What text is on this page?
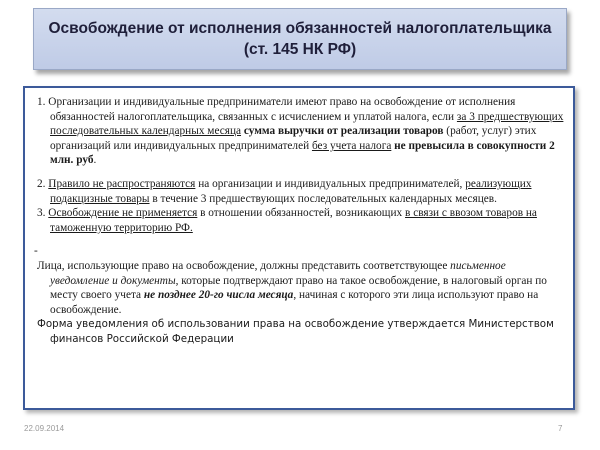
Освобождение от исполнения обязанностей налогоплательщика
(ст. 145 НК РФ)

1. Организации и индивидуальные предприниматели имеют право на освобождение от исполнения обязанностей налогоплательщика, связанных с исчислением и уплатой налога, если за 3 предшествующих последовательных календарных месяца сумма выручки от реализации товаров (работ, услуг) этих организаций или индивидуальных предпринимателей без учета налога не превысила в совокупности 2 млн. руб.

2. Правило не распространяются на организации и индивидуальных предпринимателей, реализующих подакцизные товары в течение 3 предшествующих последовательных календарных месяцев.

3. Освобождение не применяется в отношении обязанностей, возникающих в связи с ввозом товаров на таможенную территорию РФ.

-

Лица, использующие право на освобождение, должны представить соответствующее письменное уведомление и документы, которые подтверждают право на такое освобождение, в налоговый орган по месту своего учета не позднее 20-го числа месяца, начиная с которого эти лица используют право на освобождение.

Форма уведомления об использовании права на освобождение утверждается Министерством финансов Российской Федерации

22.09.2014	7
